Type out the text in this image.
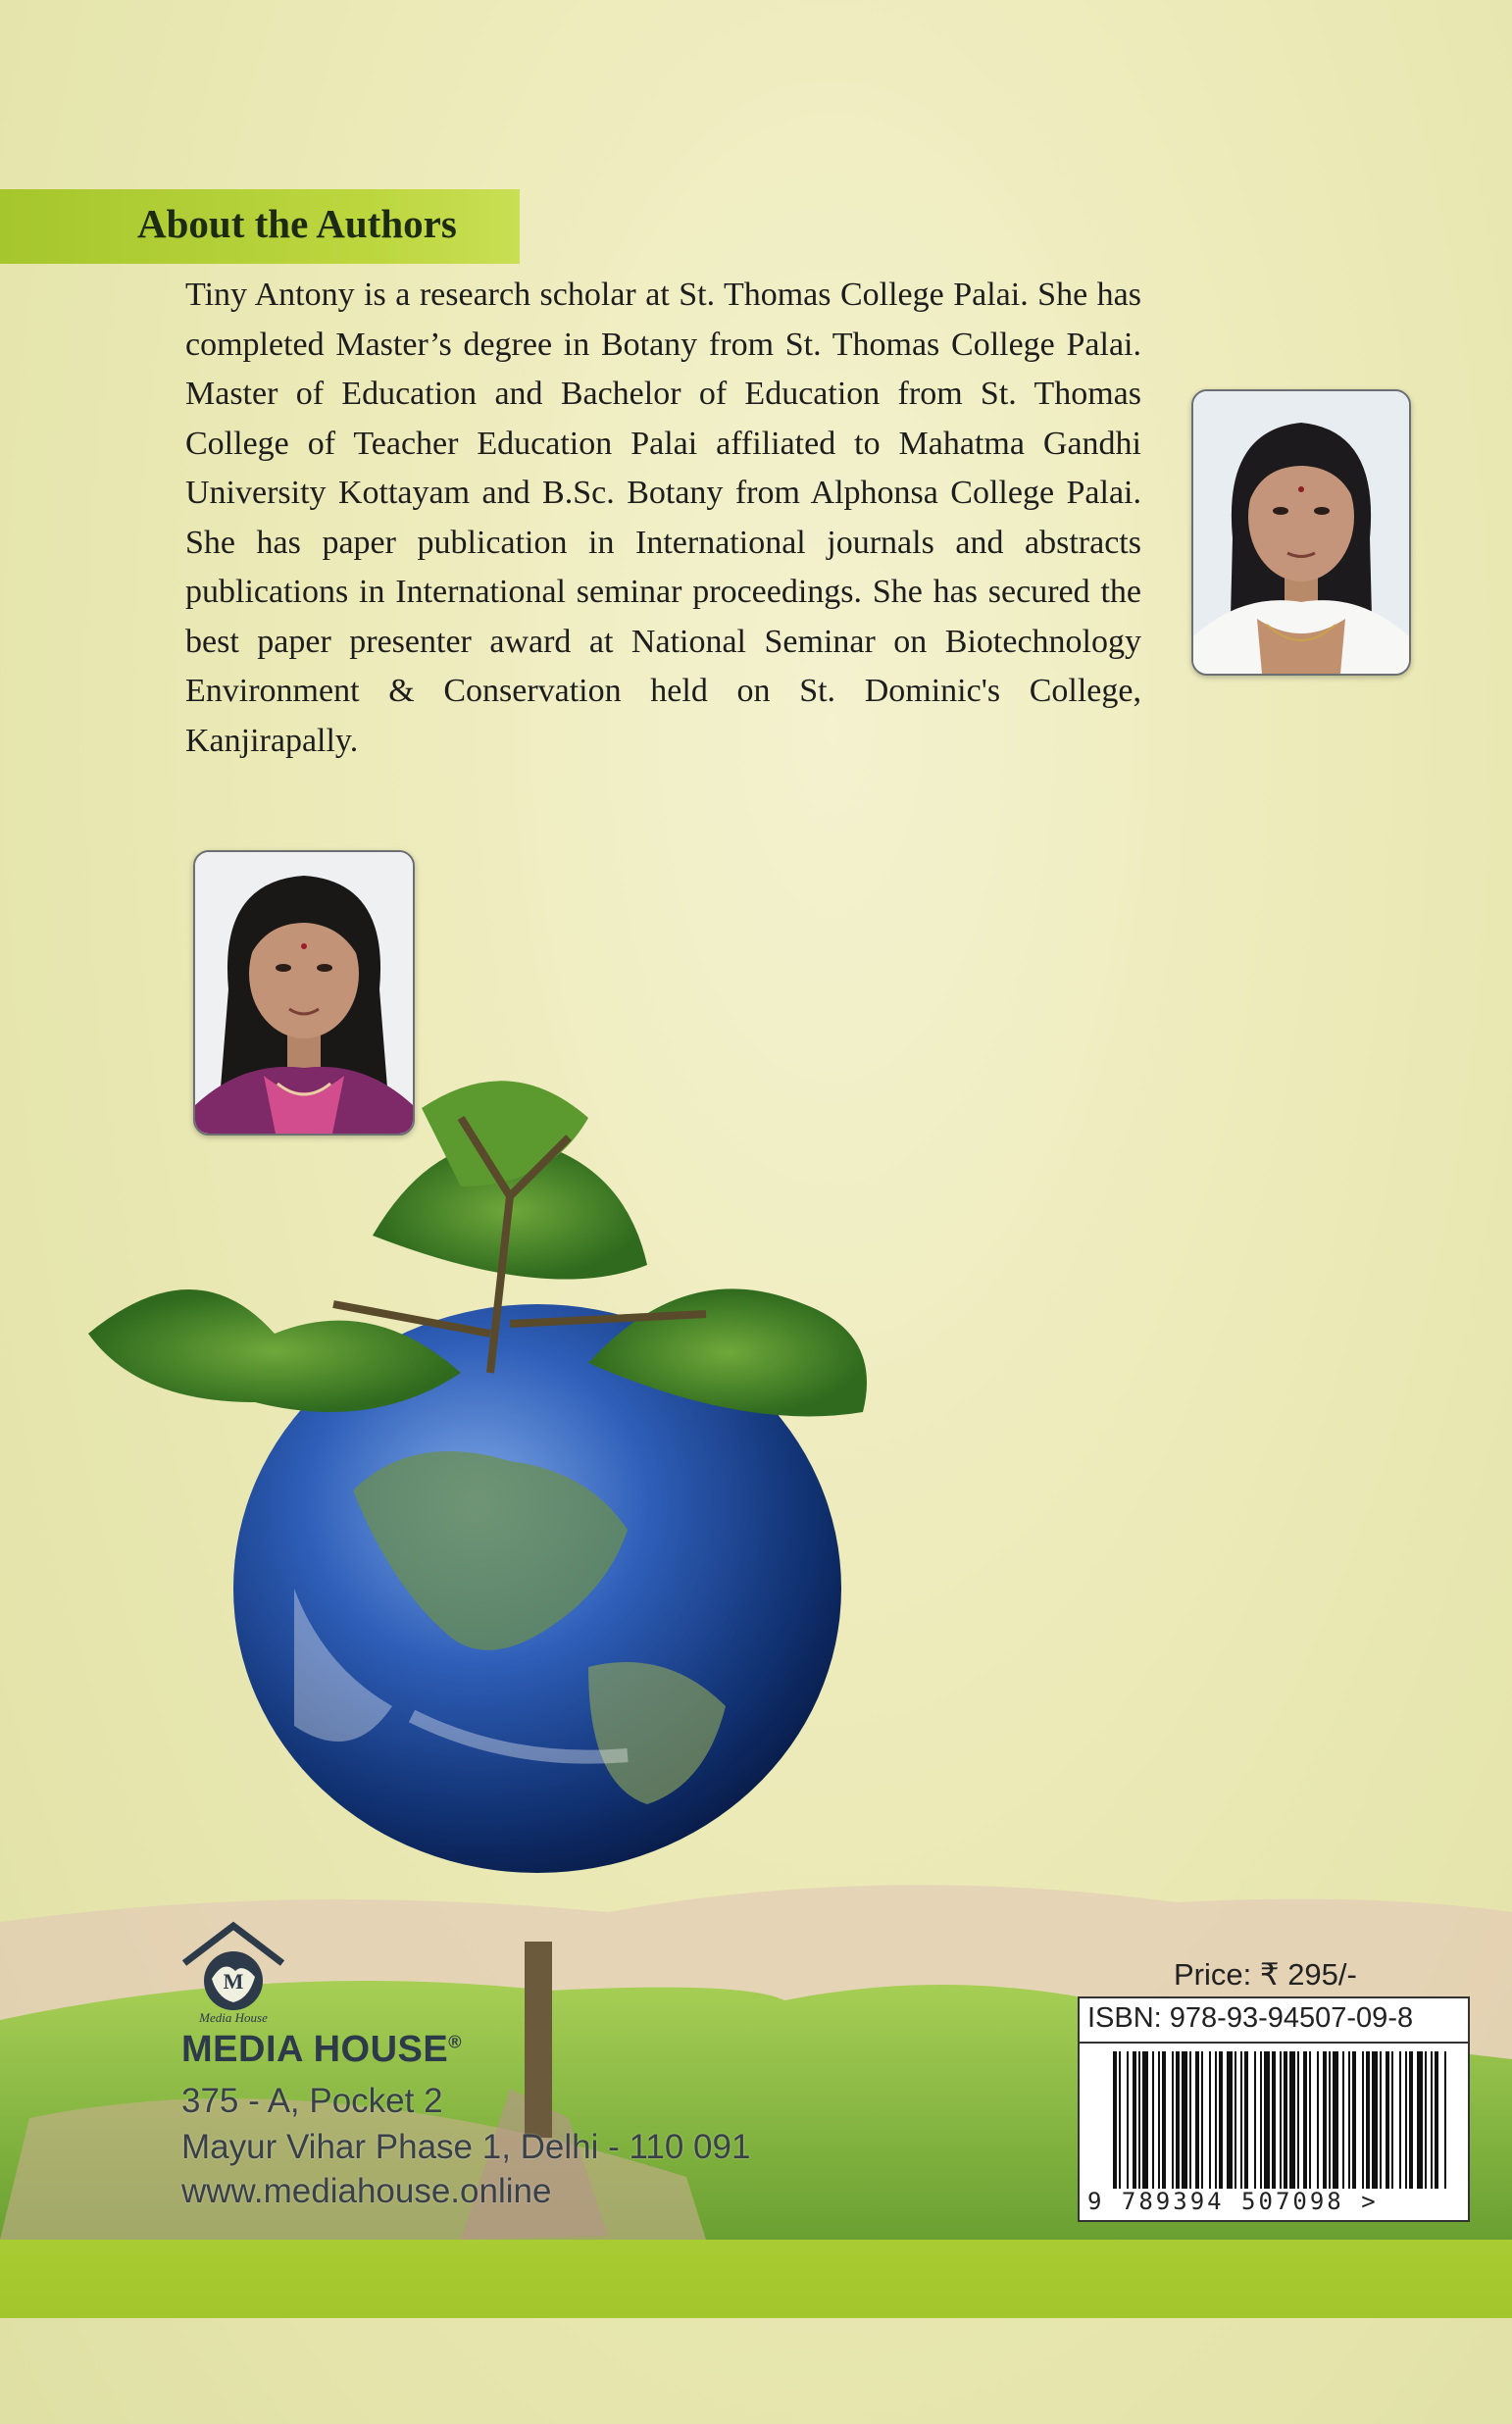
About the Authors
Tiny Antony is a research scholar at St. Thomas College Palai. She has completed Master’s degree in Botany from St. Thomas College Palai. Master of Education and Bachelor of Education from St. Thomas College of Teacher Education Palai affiliated to Mahatma Gandhi University Kottayam and B.Sc. Botany from Alphonsa College Palai. She has paper publication in International journals and abstracts publications in International seminar proceedings. She has secured the best paper presenter award at National Seminar on Biotechnology Environment & Conservation held on St. Dominic's College, Kanjirapally.
M
Media House
MEDIA HOUSE®
375 - A, Pocket 2
Mayur Vihar Phase 1, Delhi - 110 091
www.mediahouse.online
Price: ₹ 295/-
ISBN: 978-93-94507-09-8
9 789394 507098 >
